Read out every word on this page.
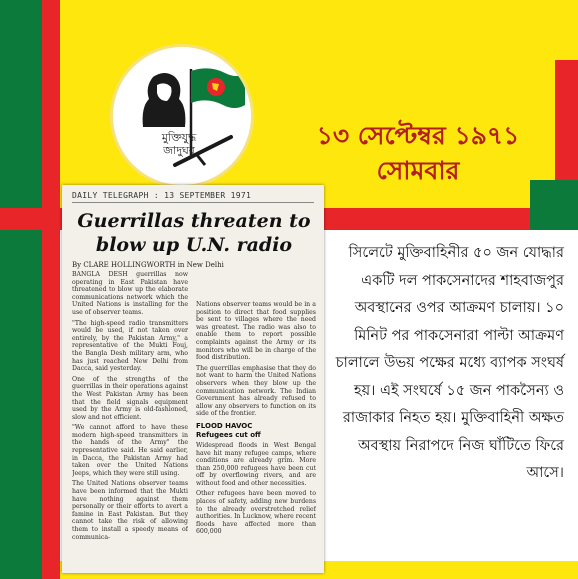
মুক্তিযুদ্ধ
জাদুঘর
১৩ সেপ্টেম্বর ১৯৭১
সোমবার
DAILY TELEGRAPH : 13 SEPTEMBER 1971
Guerrillas threaten to
blow up U.N. radio
By CLARE HOLLINGWORTH in New Delhi

BANGLA DESH guerrillas now operating in East Pakistan have threatened to blow up the elaborate communications network which the United Nations is installing for the use of observer teams.

"The high-speed radio transmitters would be used, if not taken over entirely, by the Pakistan Army," a representative of the Mukti Fouj, the Bangla Desh military arm, who has just reached New Delhi from Dacca, said yesterday.

One of the strengths of the guerrillas in their operations against the West Pakistan Army has been that the field signals equipment used by the Army is old-fashioned, slow and not efficient.

"We cannot afford to have these modern high-speed transmitters in the hands of the Army" the representative said. He said earlier, in Dacca, the Pakistan Army had taken over the United Nations Jeeps, which they were still using.

The United Nations observer teams have been informed that the Mukti have nothing against them personally or their efforts to avert a famine in East Pakistan. But they cannot take the risk of allowing them to install a speedy means of communica-

Nations observer teams would be in a position to direct that food supplies be sent to villages where the need was greatest. The radio was also to enable them to report possible complaints against the Army or its monitors who will be in charge of the food distribution.

The guerrillas emphasise that they do not want to harm the United Nations observers when they blow up the communication network. The Indian Government has already refused to allow any observers to function on its side of the frontier.

FLOOD HAVOC
Refugees cut off

Widespread floods in West Bengal have hit many refugee camps, where conditions are already grim. More than 250,000 refugees have been cut off by overflowing rivers, and are without food and other necessities.

Other refugees have been moved to places of safety, adding new burdens to the already overstretched relief authorities. In Lucknow, where recent floods have affected more than 600,000

সিলেটে মুক্তিবাহিনীর ৫০ জন যোদ্ধার একটি দল পাকসেনাদের শাহবাজপুর অবস্থানের ওপর আক্রমণ চালায়। ১০ মিনিট পর পাকসেনারা পাল্টা আক্রমণ চালালে উভয় পক্ষের মধ্যে ব্যাপক সংঘর্ষ হয়। এই সংঘর্ষে ১৫ জন পাকসৈন্য ও রাজাকার নিহত হয়। মুক্তিবাহিনী অক্ষত অবস্থায় নিরাপদে নিজ ঘাঁটিতে ফিরে আসে।
